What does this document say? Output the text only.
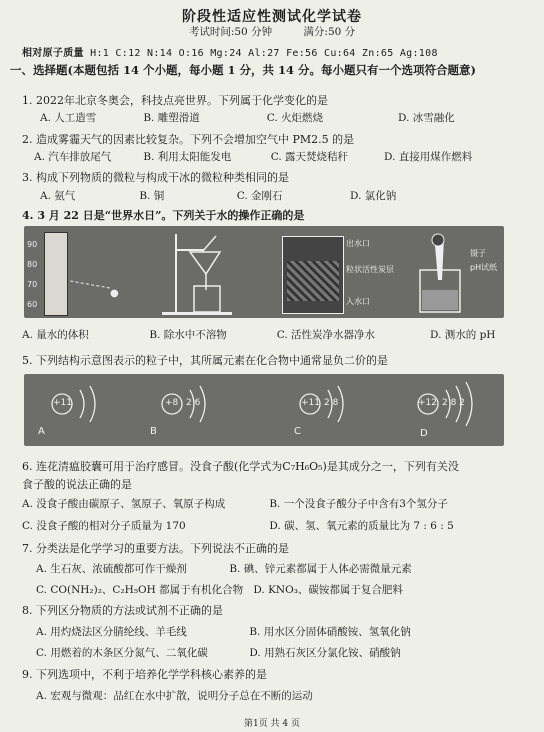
阶段性适应性测试化学试卷
考试时间:50 分钟	满分:50 分
相对原子质量 H:1 C:12 N:14 O:16 Mg:24 Al:27 Fe:56 Cu:64 Zn:65 Ag:108
一、选择题(本题包括 14 个小题，每小题 1 分，共 14 分。每小题只有一个选项符合题意)
1. 2022年北京冬奥会，科技点亮世界。下列属于化学变化的是
A. 人工造雪	B. 雕塑滑道	C. 火炬燃烧	D. 冰雪融化
2. 造成雾霾天气的因素比较复杂。下列不会增加空气中 PM2.5 的是
A. 汽车排放尾气	B. 利用太阳能发电	C. 露天焚烧秸秆	D. 直接用煤作燃料
3. 构成下列物质的微粒与构成干冰的微粒种类相同的是
A. 氨气	B. 铜	C. 金刚石	D. 氯化钠
4. 3 月 22 日是“世界水日”。下列关于水的操作正确的是
90
80
70
60
●
出水口
粒状活性炭层
入水口
镊子
pH试纸
A. 量水的体积	B. 除水中不溶物	C. 活性炭净水器净水	D. 测水的 pH
5. 下列结构示意图表示的粒子中，其所属元素在化合物中通常显负二价的是
+11
A
+8 2 6
B
+11 2 8
C
+12 2 8 2
D
6. 连花清瘟胶囊可用于治疗感冒。没食子酸(化学式为C₇H₆O₅)是其成分之一，下列有关没
食子酸的说法正确的是
A. 没食子酸由碳原子、氢原子、氧原子构成	B. 一个没食子酸分子中含有3个氢分子
C. 没食子酸的相对分子质量为 170	D. 碳、氢、氧元素的质量比为 7 : 6 : 5
7. 分类法是化学学习的重要方法。下列说法不正确的是
A. 生石灰、浓硫酸都可作干燥剂	B. 碘、锌元素都属于人体必需微量元素
C. CO(NH₂)₂、C₂H₅OH 都属于有机化合物 D. KNO₃、碳铵都属于复合肥料
8. 下列区分物质的方法或试剂不正确的是
A. 用灼烧法区分腈纶线、羊毛线	B. 用水区分固体硝酸铵、氢氧化钠
C. 用燃着的木条区分氮气、二氧化碳	D. 用熟石灰区分氯化铵、硝酸钠
9. 下列选项中，不利于培养化学学科核心素养的是
A. 宏观与微观：品红在水中扩散，说明分子总在不断的运动
第1页 共 4 页
